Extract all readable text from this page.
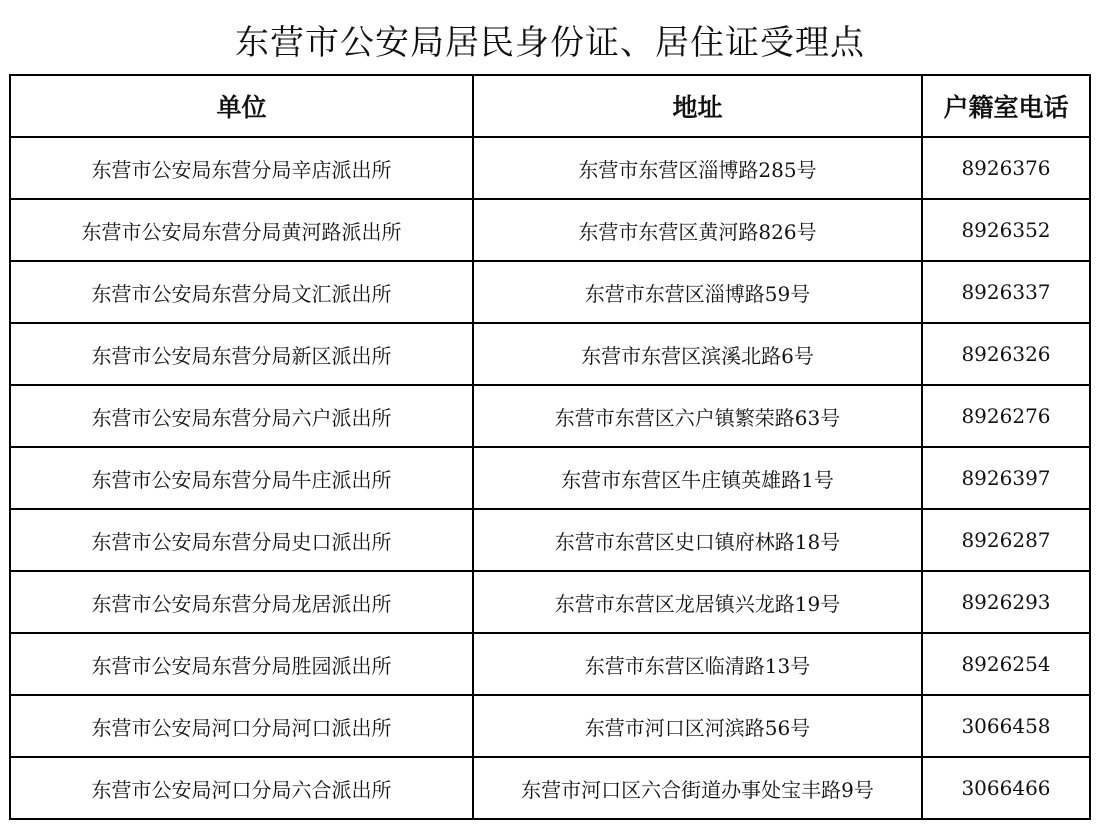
东营市公安局居民身份证、居住证受理点
单位	地址	户籍室电话
东营市公安局东营分局辛店派出所	东营市东营区淄博路285号	8926376
东营市公安局东营分局黄河路派出所	东营市东营区黄河路826号	8926352
东营市公安局东营分局文汇派出所	东营市东营区淄博路59号	8926337
东营市公安局东营分局新区派出所	东营市东营区滨溪北路6号	8926326
东营市公安局东营分局六户派出所	东营市东营区六户镇繁荣路63号	8926276
东营市公安局东营分局牛庄派出所	东营市东营区牛庄镇英雄路1号	8926397
东营市公安局东营分局史口派出所	东营市东营区史口镇府林路18号	8926287
东营市公安局东营分局龙居派出所	东营市东营区龙居镇兴龙路19号	8926293
东营市公安局东营分局胜园派出所	东营市东营区临清路13号	8926254
东营市公安局河口分局河口派出所	东营市河口区河滨路56号	3066458
东营市公安局河口分局六合派出所	东营市河口区六合街道办事处宝丰路9号	3066466
